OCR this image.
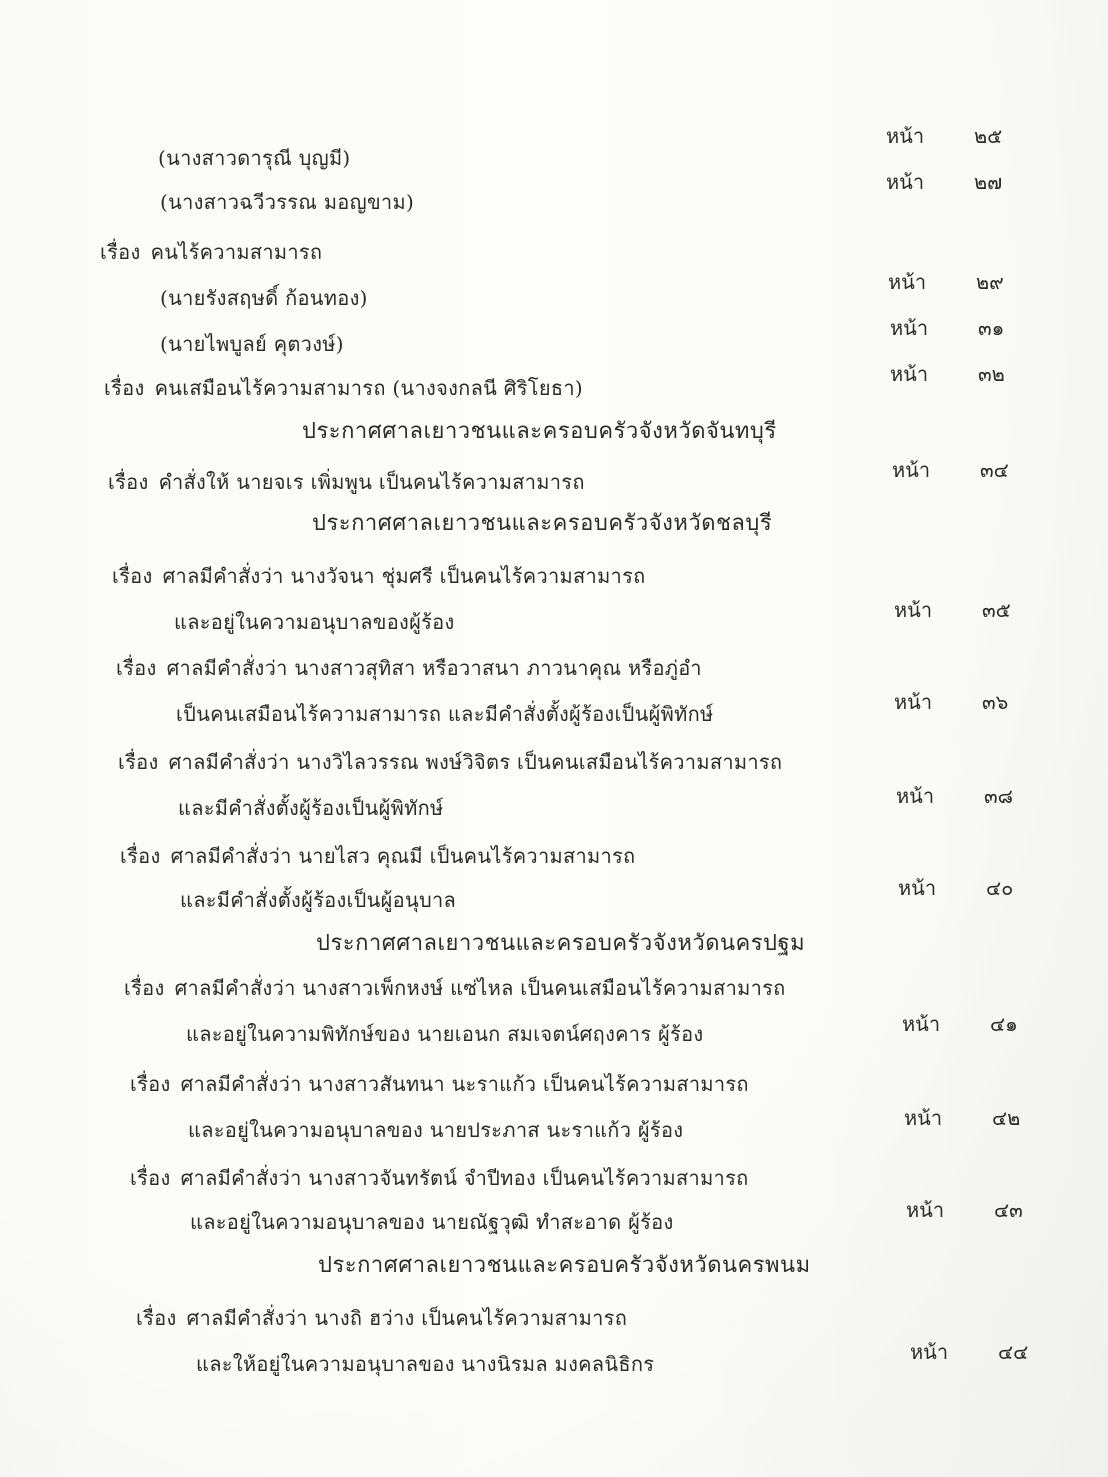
(นางสาวดารุณี บุญมี)
(นางสาวฉวีวรรณ มอญขาม)
เรื่อง คนไร้ความสามารถ
(นายรังสฤษดิ์ ก้อนทอง)
(นายไพบูลย์ คุตวงษ์)
เรื่อง คนเสมือนไร้ความสามารถ (นางจงกลนี ศิริโยธา)
ประกาศศาลเยาวชนและครอบครัวจังหวัดจันทบุรี
เรื่อง คำสั่งให้ นายจเร เพิ่มพูน เป็นคนไร้ความสามารถ
ประกาศศาลเยาวชนและครอบครัวจังหวัดชลบุรี
เรื่อง ศาลมีคำสั่งว่า นางวัจนา ชุ่มศรี เป็นคนไร้ความสามารถ
และอยู่ในความอนุบาลของผู้ร้อง
เรื่อง ศาลมีคำสั่งว่า นางสาวสุทิสา หรือวาสนา ภาวนาคุณ หรือภู่อำ
เป็นคนเสมือนไร้ความสามารถ และมีคำสั่งตั้งผู้ร้องเป็นผู้พิทักษ์
เรื่อง ศาลมีคำสั่งว่า นางวิไลวรรณ พงษ์วิจิตร เป็นคนเสมือนไร้ความสามารถ
และมีคำสั่งตั้งผู้ร้องเป็นผู้พิทักษ์
เรื่อง ศาลมีคำสั่งว่า นายไสว คุณมี เป็นคนไร้ความสามารถ
และมีคำสั่งตั้งผู้ร้องเป็นผู้อนุบาล
ประกาศศาลเยาวชนและครอบครัวจังหวัดนครปฐม
เรื่อง ศาลมีคำสั่งว่า นางสาวเพ็กหงษ์ แซ่ไหล เป็นคนเสมือนไร้ความสามารถ
และอยู่ในความพิทักษ์ของ นายเอนก สมเจตน์ศฤงคาร ผู้ร้อง
เรื่อง ศาลมีคำสั่งว่า นางสาวสันทนา นะราแก้ว เป็นคนไร้ความสามารถ
และอยู่ในความอนุบาลของ นายประภาส นะราแก้ว ผู้ร้อง
เรื่อง ศาลมีคำสั่งว่า นางสาวจันทรัตน์ จำปีทอง เป็นคนไร้ความสามารถ
และอยู่ในความอนุบาลของ นายณัฐวุฒิ ทำสะอาด ผู้ร้อง
ประกาศศาลเยาวชนและครอบครัวจังหวัดนครพนม
เรื่อง ศาลมีคำสั่งว่า นางถิ ฮว่าง เป็นคนไร้ความสามารถ
และให้อยู่ในความอนุบาลของ นางนิรมล มงคลนิธิกร
หน้า ๒๕
หน้า ๒๗
หน้า ๒๙
หน้า ๓๑
หน้า ๓๒
หน้า ๓๔
หน้า ๓๕
หน้า ๓๖
หน้า ๓๘
หน้า ๔๐
หน้า ๔๑
หน้า ๔๒
หน้า ๔๓
หน้า ๔๔
